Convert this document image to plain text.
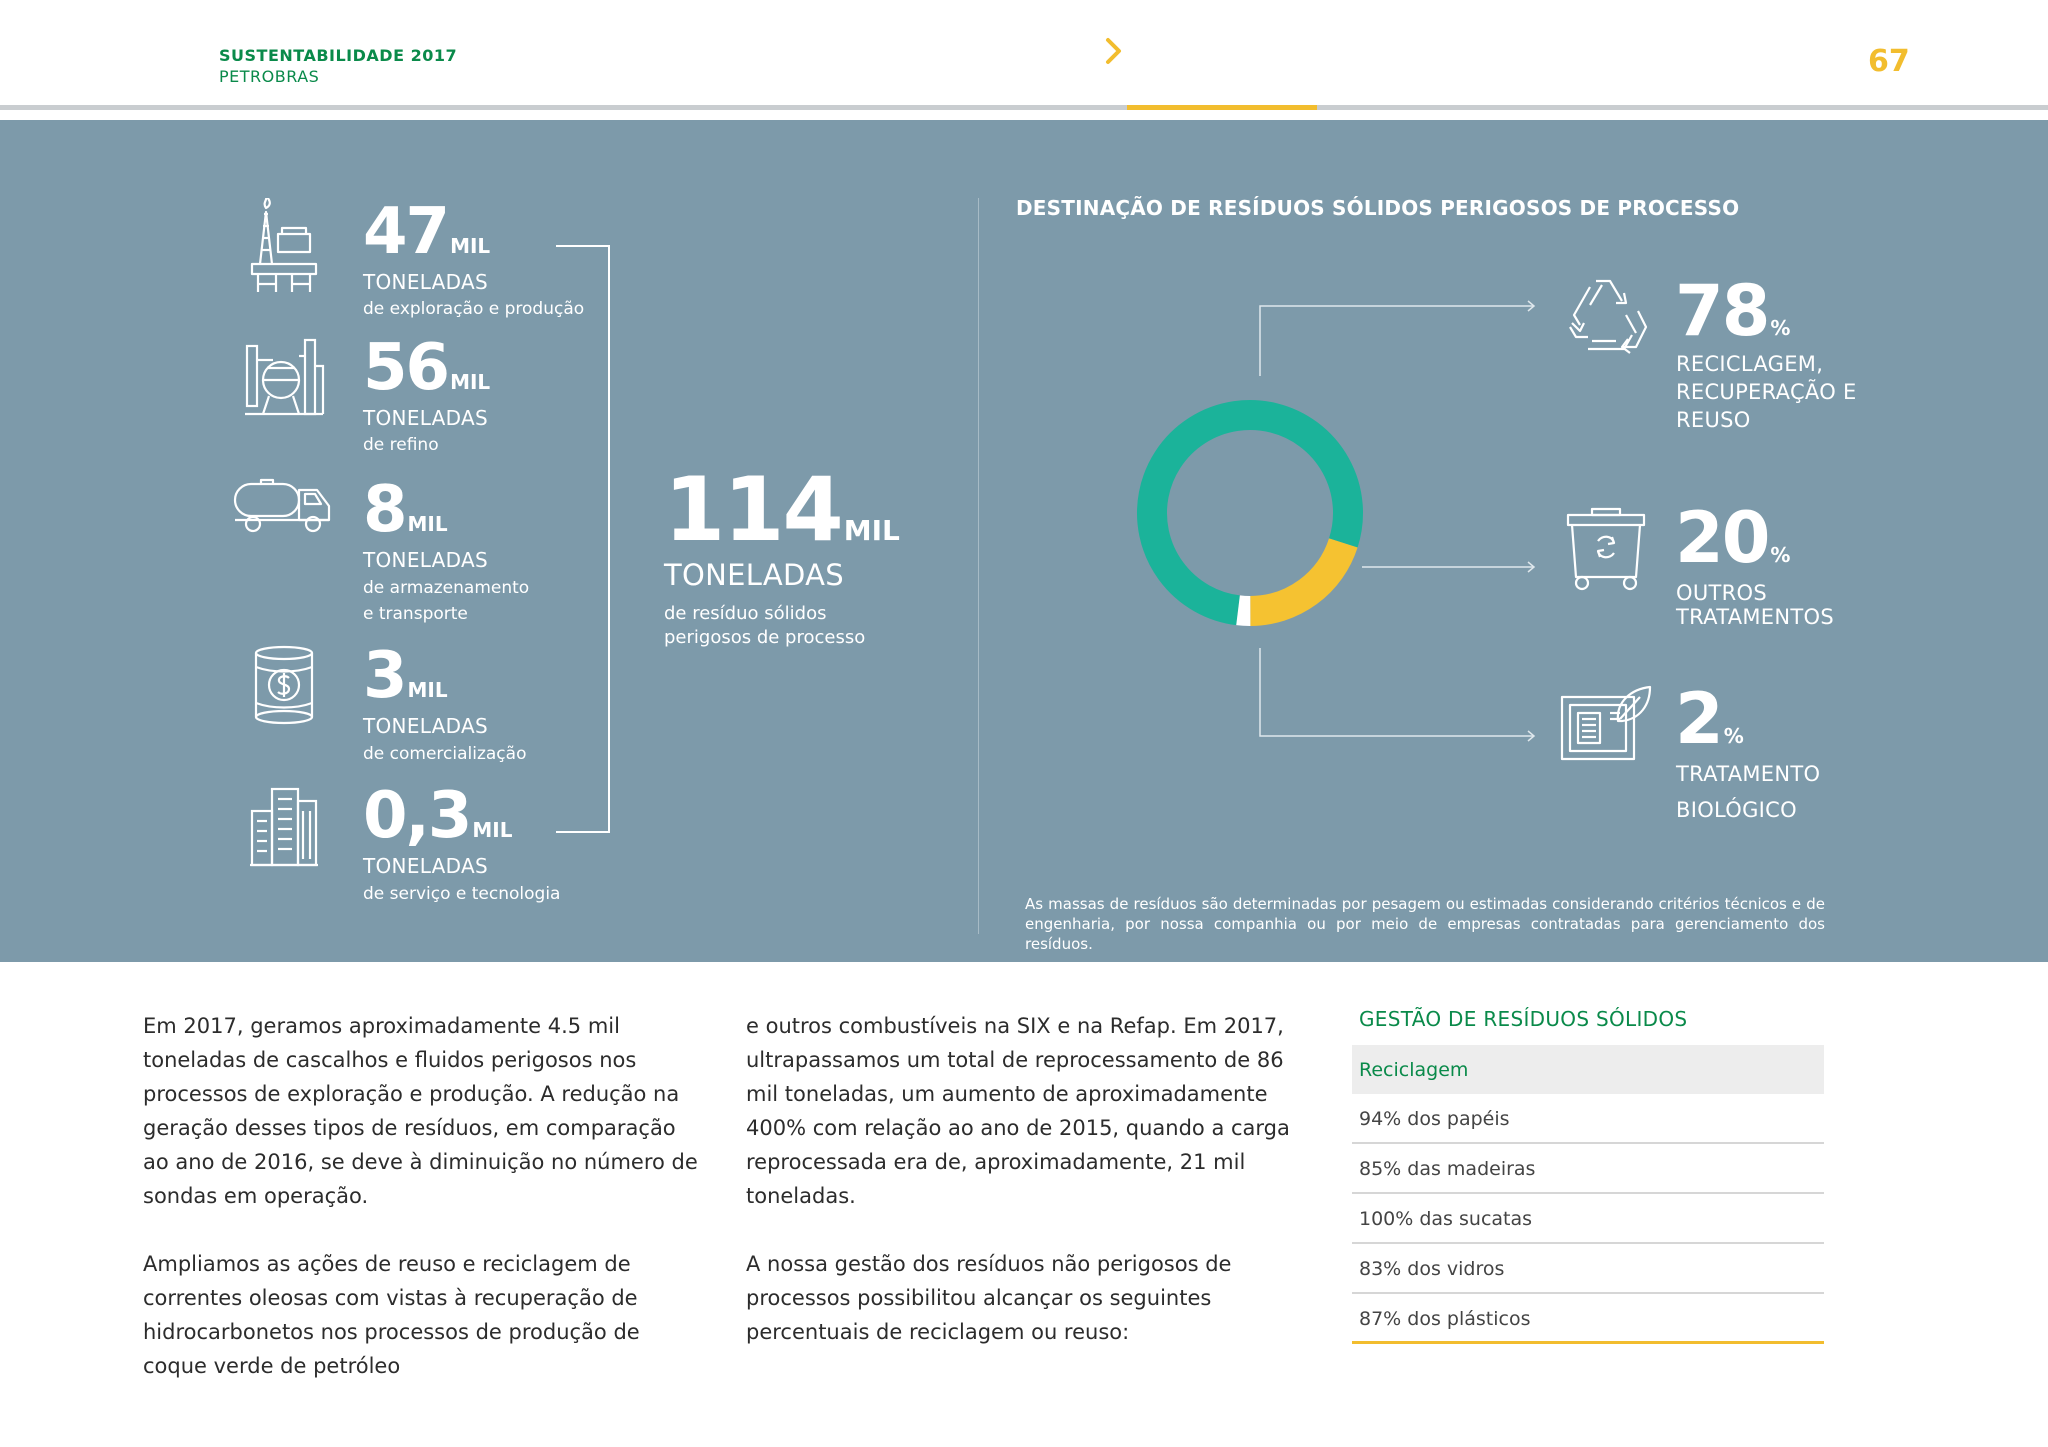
SUSTENTABILIDADE 2017
PETROBRAS	67
47 MIL
TONELADAS
de exploração e produção
56 MIL
TONELADAS
de refino
8 MIL
TONELADAS
de armazenamento
e transporte
3 MIL
TONELADAS
de comercialização
0,3 MIL
TONELADAS
de serviço e tecnologia
114MIL
TONELADAS
de resíduo sólidos
perigosos de processo
DESTINAÇÃO DE RESÍDUOS SÓLIDOS PERIGOSOS DE PROCESSO
78 %
RECICLAGEM,
RECUPERAÇÃO E
REUSO
20 %
OUTROS
TRATAMENTOS
2 %
TRATAMENTO
BIOLÓGICO
As massas de resíduos são determinadas por pesagem ou estimadas considerando critérios técnicos e de engenharia, por nossa companhia ou por meio de empresas contratadas para gerenciamento dos resíduos.

Em 2017, geramos aproximadamente 4.5 mil toneladas de cascalhos e fluidos perigosos nos processos de exploração e produção. A redução na geração desses tipos de resíduos, em comparação ao ano de 2016, se deve à diminuição no número de sondas em operação.

Ampliamos as ações de reuso e reciclagem de correntes oleosas com vistas à recuperação de hidrocarbonetos nos processos de produção de coque verde de petróleo

e outros combustíveis na SIX e na Refap. Em 2017, ultrapassamos um total de reprocessamento de 86 mil toneladas, um aumento de aproximadamente 400% com relação ao ano de 2015, quando a carga reprocessada era de, aproximadamente, 21 mil toneladas.

A nossa gestão dos resíduos não perigosos de processos possibilitou alcançar os seguintes percentuais de reciclagem ou reuso:

GESTÃO DE RESÍDUOS SÓLIDOS
Reciclagem
94% dos papéis
85% das madeiras
100% das sucatas
83% dos vidros
87% dos plásticos
